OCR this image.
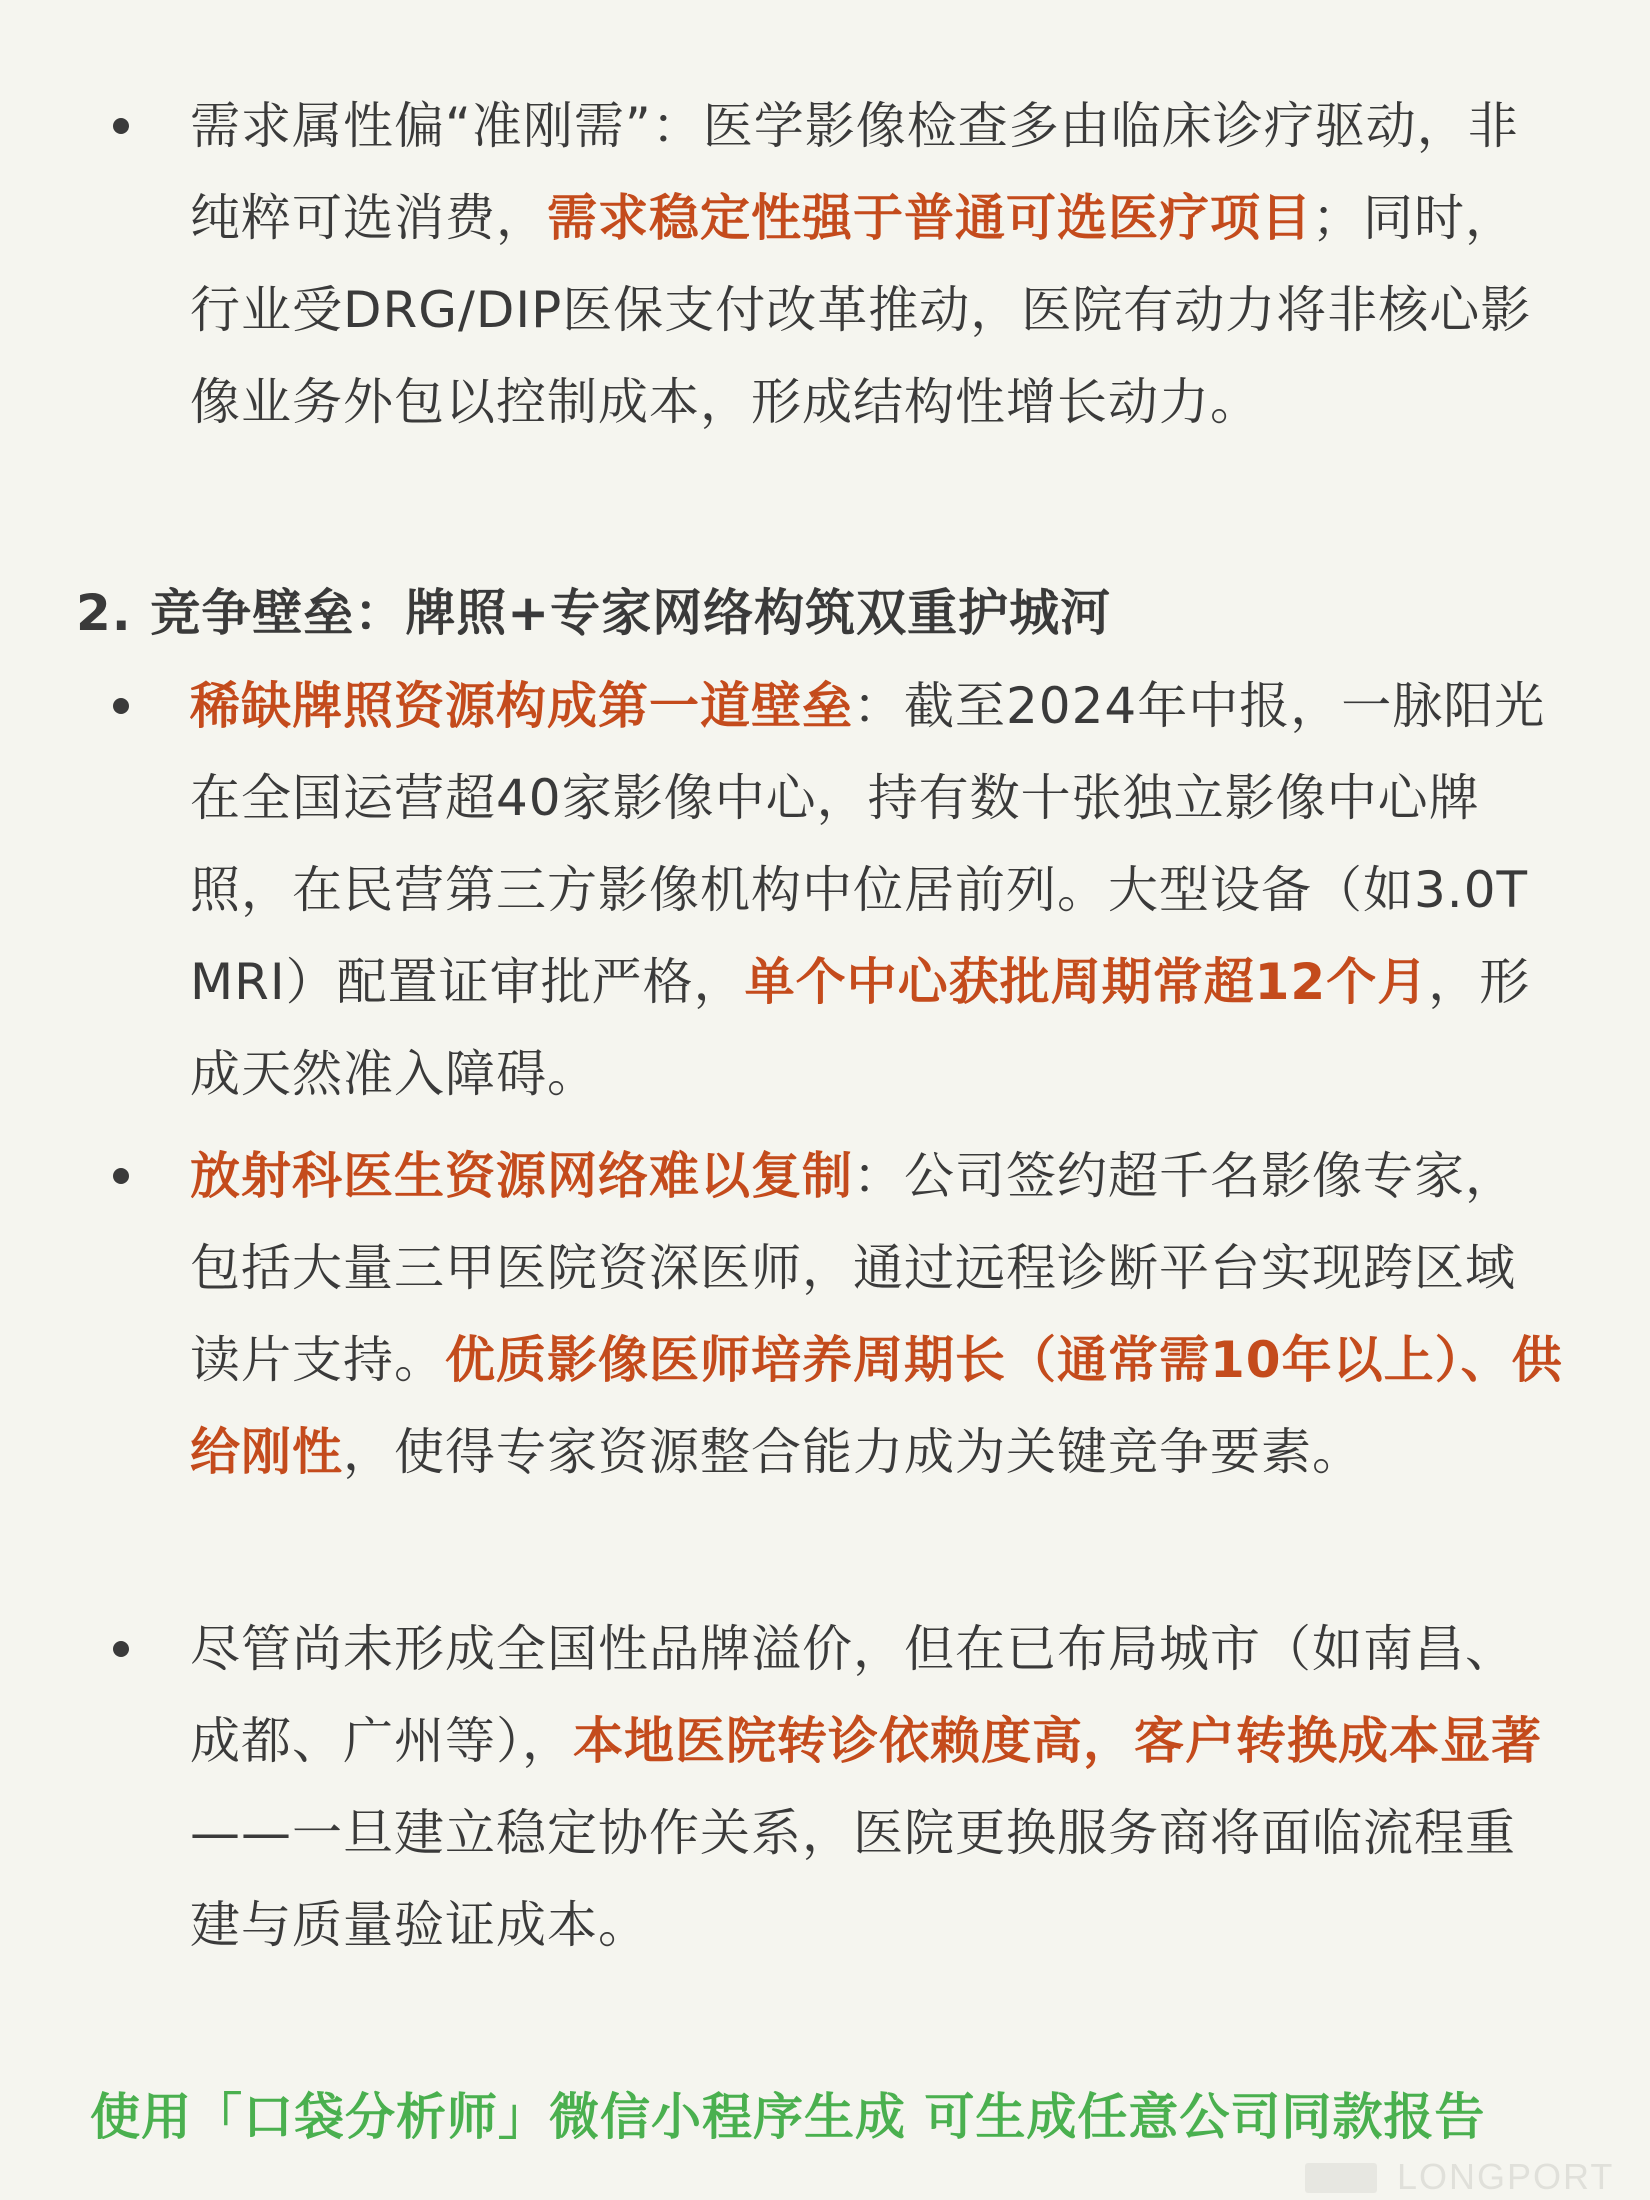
需求属性偏“准刚需”：医学影像检查多由临床诊疗驱动，非纯粹可选消费，需求稳定性强于普通可选医疗项目；同时，行业受DRG/DIP医保支付改革推动，医院有动力将非核心影像业务外包以控制成本，形成结构性增长动力。
2. 竞争壁垒：牌照+专家网络构筑双重护城河
稀缺牌照资源构成第一道壁垒：截至2024年中报，一脉阳光在全国运营超40家影像中心，持有数十张独立影像中心牌照，在民营第三方影像机构中位居前列。大型设备（如3.0T MRI）配置证审批严格，单个中心获批周期常超12个月，形成天然准入障碍。
放射科医生资源网络难以复制：公司签约超千名影像专家，包括大量三甲医院资深医师，通过远程诊断平台实现跨区域读片支持。优质影像医师培养周期长（通常需10年以上）、供给刚性，使得专家资源整合能力成为关键竞争要素。
尽管尚未形成全国性品牌溢价，但在已布局城市（如南昌、成都、广州等），本地医院转诊依赖度高，客户转换成本显著——一旦建立稳定协作关系，医院更换服务商将面临流程重建与质量验证成本。
使用「口袋分析师」微信小程序生成 可生成任意公司同款报告
LONGPORT
